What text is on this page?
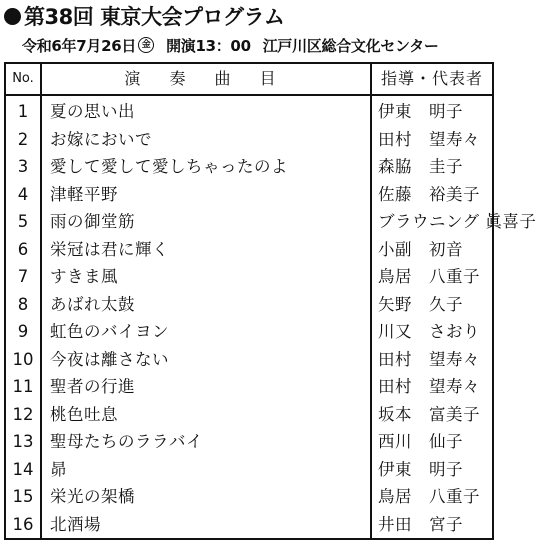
第38回 東京大会プログラム
令和6年7月26日 金 開演13：00 江戸川区総合文化センター
No.	演 奏 曲 目	指導・代表者
1	夏の思い出	伊東　明子
2	お嫁においで	田村　望寿々
3	愛して愛して愛しちゃったのよ	森脇　圭子
4	津軽平野	佐藤　裕美子
5	雨の御堂筋	ブラウニング 眞喜子
6	栄冠は君に輝く	小副　初音
7	すきま風	鳥居　八重子
8	あばれ太鼓	矢野　久子
9	虹色のバイヨン	川又　さおり
10	今夜は離さない	田村　望寿々
11	聖者の行進	田村　望寿々
12	桃色吐息	坂本　富美子
13	聖母たちのララバイ	西川　仙子
14	昴	伊東　明子
15	栄光の架橋	鳥居　八重子
16	北酒場	井田　宮子
